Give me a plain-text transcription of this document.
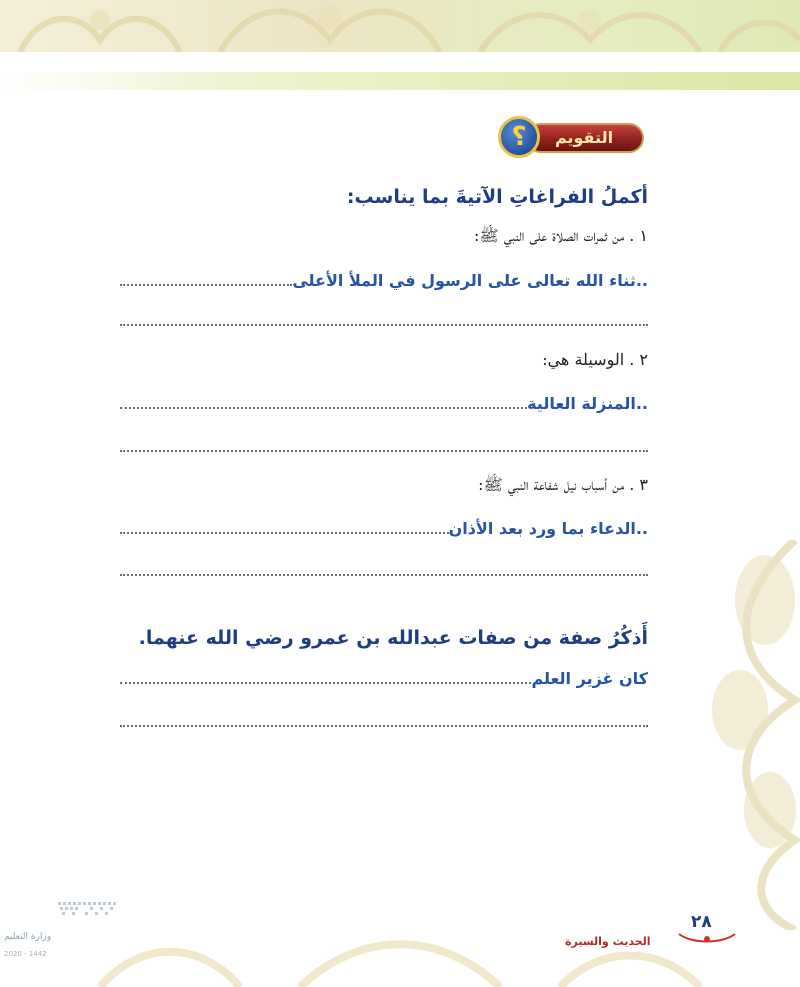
التقويم
؟
أكملُ الفراغاتِ الآتيةَ بما يناسب:
١ . من ثمرات الصلاة على النبي ﷺ:
..ثناء الله تعالى على الرسول في الملأ الأعلى
٢ . الوسيلة هي:
..المنزلة العالية
٣ . من أسباب نيل شفاعة النبي ﷺ:
..الدعاء بما ورد بعد الأذان
أَذكُرُ صفة من صفات عبدالله بن عمرو رضي الله عنهما.
كان غزير العلم
٢٨
الحديث والسيرة
وزارة التعليم
2020 - 1442
